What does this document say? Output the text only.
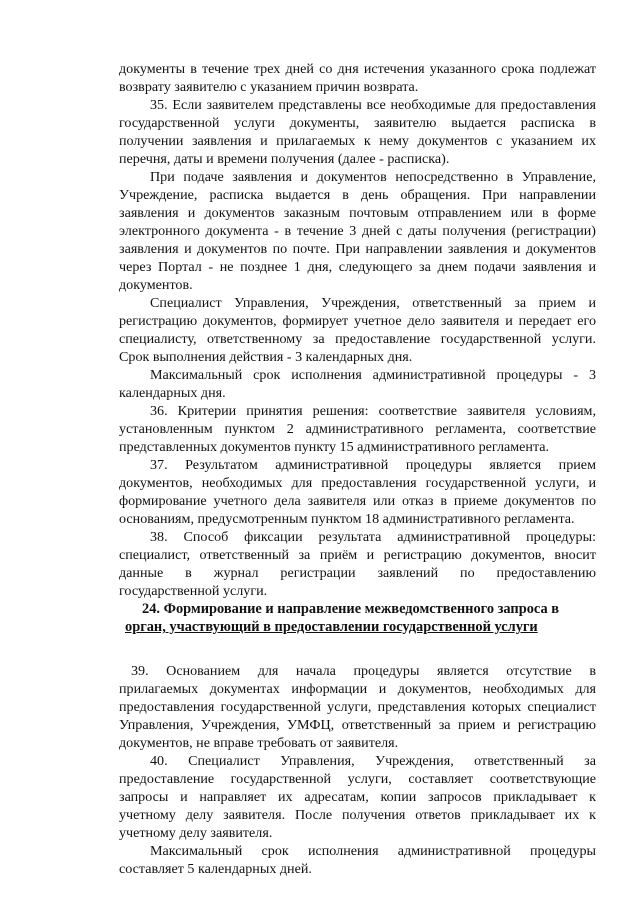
документы в течение трех дней со дня истечения указанного срока подлежат
возврату заявителю с указанием причин возврата.
35. Если заявителем представлены все необходимые для предоставления
государственной услуги документы, заявителю выдается расписка в
получении заявления и прилагаемых к нему документов с указанием их
перечня, даты и времени получения (далее - расписка).
При подаче заявления и документов непосредственно в Управление,
Учреждение, расписка выдается в день обращения. При направлении
заявления и документов заказным почтовым отправлением или в форме
электронного документа - в течение 3 дней с даты получения (регистрации)
заявления и документов по почте. При направлении заявления и документов
через Портал - не позднее 1 дня, следующего за днем подачи заявления и
документов.
Специалист Управления, Учреждения, ответственный за прием и
регистрацию документов, формирует учетное дело заявителя и передает его
специалисту, ответственному за предоставление государственной услуги.
Срок выполнения действия - 3 календарных дня.
Максимальный срок исполнения административной процедуры - 3
календарных дня.
36. Критерии принятия решения: соответствие заявителя условиям,
установленным пунктом 2 административного регламента, соответствие
представленных документов пункту 15 административного регламента.
37. Результатом административной процедуры является прием
документов, необходимых для предоставления государственной услуги, и
формирование учетного дела заявителя или отказ в приеме документов по
основаниям, предусмотренным пунктом 18 административного регламента.
38. Способ фиксации результата административной процедуры:
специалист, ответственный за приём и регистрацию документов, вносит
данные в журнал регистрации заявлений по предоставлению
государственной услуги.
39. Основанием для начала процедуры является отсутствие в
прилагаемых документах информации и документов, необходимых для
предоставления государственной услуги, представления которых специалист
Управления, Учреждения, УМФЦ, ответственный за прием и регистрацию
документов, не вправе требовать от заявителя.
40. Специалист Управления, Учреждения, ответственный за
предоставление государственной услуги, составляет соответствующие
запросы и направляет их адресатам, копии запросов прикладывает к
учетному делу заявителя. После получения ответов прикладывает их к
учетному делу заявителя.
Максимальный срок исполнения административной процедуры
составляет 5 календарных дней.
24. Формирование и направление межведомственного запроса в
орган, участвующий в предоставлении государственной услуги
